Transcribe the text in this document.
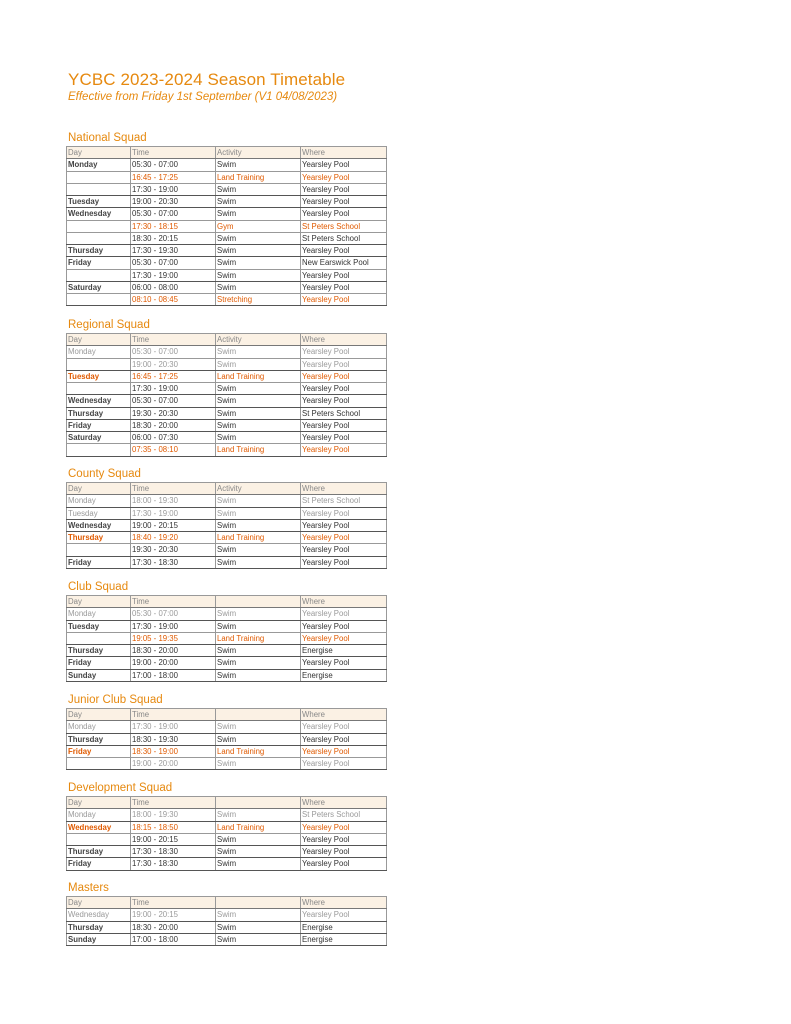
YCBC 2023-2024 Season Timetable

Effective from Friday 1st September (V1 04/08/2023)

National Squad
Day	Time	Activity	Where
Monday	05:30 - 07:00	Swim	Yearsley Pool
	16:45 - 17:25	Land Training	Yearsley Pool
	17:30 - 19:00	Swim	Yearsley Pool
Tuesday	19:00 - 20:30	Swim	Yearsley Pool
Wednesday	05:30 - 07:00	Swim	Yearsley Pool
	17:30 - 18:15	Gym	St Peters School
	18:30 - 20:15	Swim	St Peters School
Thursday	17:30 - 19:30	Swim	Yearsley Pool
Friday	05:30 - 07:00	Swim	New Earswick Pool
	17:30 - 19:00	Swim	Yearsley Pool
Saturday	06:00 - 08:00	Swim	Yearsley Pool
	08:10 - 08:45	Stretching	Yearsley Pool
Regional Squad
Day	Time	Activity	Where
Monday	05:30 - 07:00	Swim	Yearsley Pool
	19:00 - 20:30	Swim	Yearsley Pool
Tuesday	16:45 - 17:25	Land Training	Yearsley Pool
	17:30 - 19:00	Swim	Yearsley Pool
Wednesday	05:30 - 07:00	Swim	Yearsley Pool
Thursday	19:30 - 20:30	Swim	St Peters School
Friday	18:30 - 20:00	Swim	Yearsley Pool
Saturday	06:00 - 07:30	Swim	Yearsley Pool
	07:35 - 08:10	Land Training	Yearsley Pool
County Squad
Day	Time	Activity	Where
Monday	18:00 - 19:30	Swim	St Peters School
Tuesday	17:30 - 19:00	Swim	Yearsley Pool
Wednesday	19:00 - 20:15	Swim	Yearsley Pool
Thursday	18:40 - 19:20	Land Training	Yearsley Pool
	19:30 - 20:30	Swim	Yearsley Pool
Friday	17:30 - 18:30	Swim	Yearsley Pool
Club Squad
Day	Time		Where
Monday	05:30 - 07:00	Swim	Yearsley Pool
Tuesday	17:30 - 19:00	Swim	Yearsley Pool
	19:05 - 19:35	Land Training	Yearsley Pool
Thursday	18:30 - 20:00	Swim	Energise
Friday	19:00 - 20:00	Swim	Yearsley Pool
Sunday	17:00 - 18:00	Swim	Energise
Junior Club Squad
Day	Time		Where
Monday	17:30 - 19:00	Swim	Yearsley Pool
Thursday	18:30 - 19:30	Swim	Yearsley Pool
Friday	18:30 - 19:00	Land Training	Yearsley Pool
	19:00 - 20:00	Swim	Yearsley Pool
Development Squad
Day	Time		Where
Monday	18:00 - 19:30	Swim	St Peters School
Wednesday	18:15 - 18:50	Land Training	Yearsley Pool
	19:00 - 20:15	Swim	Yearsley Pool
Thursday	17:30 - 18:30	Swim	Yearsley Pool
Friday	17:30 - 18:30	Swim	Yearsley Pool
Masters
Day	Time		Where
Wednesday	19:00 - 20:15	Swim	Yearsley Pool
Thursday	18:30 - 20:00	Swim	Energise
Sunday	17:00 - 18:00	Swim	Energise
